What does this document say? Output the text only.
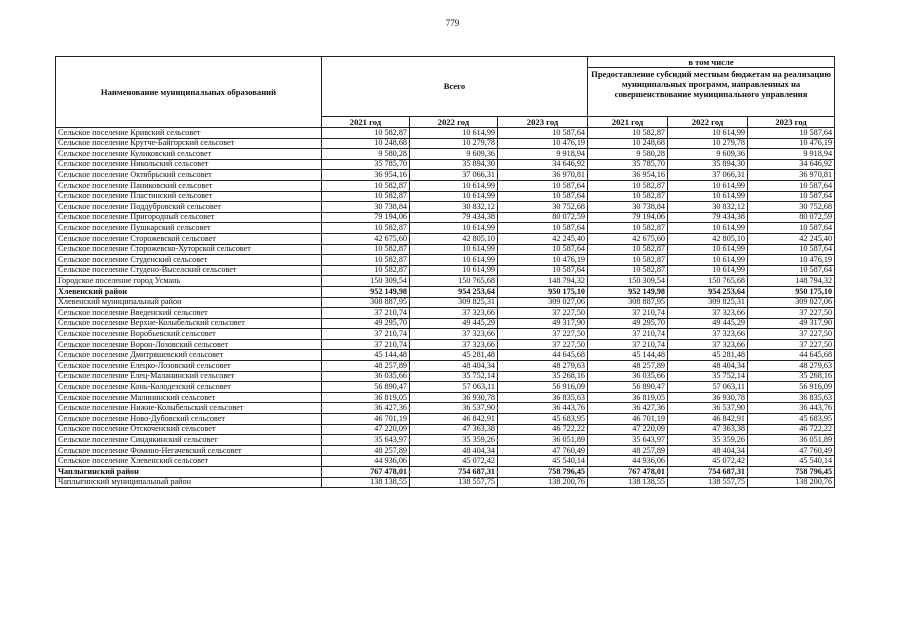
779
Наименование муниципальных образований	Всего			в том числе		
				Предоставление субсидий местным бюджетам на реализацию муниципальных программ, направленных на совершенствование муниципального управления		
	2021 год	2022 год	2023 год	2021 год	2022 год	2023 год
Сельское поселение Кривский сельсовет	10 582,87	10 614,99	10 587,64	10 582,87	10 614,99	10 587,64
Сельское поселение Крутче-Байгорский сельсовет	10 248,68	10 279,78	10 476,19	10 248,68	10 279,78	10 476,19
Сельское поселение Куликовский сельсовет	9 580,28	9 609,36	9 918,94	9 580,28	9 609,36	9 918,94
Сельское поселение Никольский сельсовет	35 785,70	35 894,30	34 646,92	35 785,70	35 894,30	34 646,92
Сельское поселение Октябрьский сельсовет	36 954,16	37 066,31	36 970,81	36 954,16	37 066,31	36 970,81
Сельское поселение Паниковский сельсовет	10 582,87	10 614,99	10 587,64	10 582,87	10 614,99	10 587,64
Сельское поселение Пластинский сельсовет	10 582,87	10 614,99	10 587,64	10 582,87	10 614,99	10 587,64
Сельское поселение Поддубровский сельсовет	30 738,84	30 832,12	30 752,68	30 738,84	30 832,12	30 752,68
Сельское поселение Пригородный сельсовет	79 194,06	79 434,38	80 072,59	79 194,06	79 434,38	80 072,59
Сельское поселение Пушкарский сельсовет	10 582,87	10 614,99	10 587,64	10 582,87	10 614,99	10 587,64
Сельское поселение Сторожевской сельсовет	42 675,60	42 805,10	42 245,40	42 675,60	42 805,10	42 245,40
Сельское поселение Сторожевско-Хуторской сельсовет	10 582,87	10 614,99	10 587,64	10 582,87	10 614,99	10 587,64
Сельское поселение Студенский сельсовет	10 582,87	10 614,99	10 476,19	10 582,87	10 614,99	10 476,19
Сельское поселение Студено-Выселский сельсовет	10 582,87	10 614,99	10 587,64	10 582,87	10 614,99	10 587,64
Городское поселение город Усмань	150 309,54	150 765,68	148 794,32	150 309,54	150 765,68	148 794,32
Хлевенский район	952 149,98	954 253,64	950 175,10	952 149,98	954 253,64	950 175,10
Хлевенский муниципальный район	308 887,95	309 825,31	309 027,06	308 887,95	309 825,31	309 027,06
Сельское поселение Введенский сельсовет	37 210,74	37 323,66	37 227,50	37 210,74	37 323,66	37 227,50
Сельское поселение Верхне-Колыбельский сельсовет	49 295,70	49 445,29	49 317,90	49 295,70	49 445,29	49 317,90
Сельское поселение Воробьевский сельсовет	37 210,74	37 323,66	37 227,50	37 210,74	37 323,66	37 227,50
Сельское поселение Ворон-Лозовский сельсовет	37 210,74	37 323,66	37 227,50	37 210,74	37 323,66	37 227,50
Сельское поселение Дмитряшевский сельсовет	45 144,48	45 281,48	44 645,68	45 144,48	45 281,48	44 645,68
Сельское поселение Елецко-Лозовский сельсовет	48 257,89	48 404,34	48 279,63	48 257,89	48 404,34	48 279,63
Сельское поселение Елец-Маланинский сельсовет	36 035,66	35 752,14	35 268,16	36 035,66	35 752,14	35 268,16
Сельское поселение Конь-Колодезский сельсовет	56 890,47	57 063,11	56 916,09	56 890,47	57 063,11	56 916,09
Сельское поселение Малининский сельсовет	36 819,05	36 930,78	36 835,63	36 819,05	36 930,78	36 835,63
Сельское поселение Нижне-Колыбельский сельсовет	36 427,36	36 537,90	36 443,76	36 427,36	36 537,90	36 443,76
Сельское поселение Ново-Дубовский сельсовет	46 701,19	46 842,91	45 683,95	46 701,19	46 842,91	45 683,95
Сельское поселение Отскоченский сельсовет	47 220,09	47 363,38	46 722,22	47 220,09	47 363,38	46 722,22
Сельское поселение Синдякинский сельсовет	35 643,97	35 359,26	36 051,89	35 643,97	35 359,26	36 051,89
Сельское поселение Фомино-Негачевский сельсовет	48 257,89	48 404,34	47 760,49	48 257,89	48 404,34	47 760,49
Сельское поселение Хлевенский сельсовет	44 936,06	45 072,42	45 540,14	44 936,06	45 072,42	45 540,14
Чаплыгинский район	767 478,01	754 687,31	758 796,45	767 478,01	754 687,31	758 796,45
Чаплыгинский муниципальный район	138 138,55	138 557,75	138 200,76	138 138,55	138 557,75	138 200,76
